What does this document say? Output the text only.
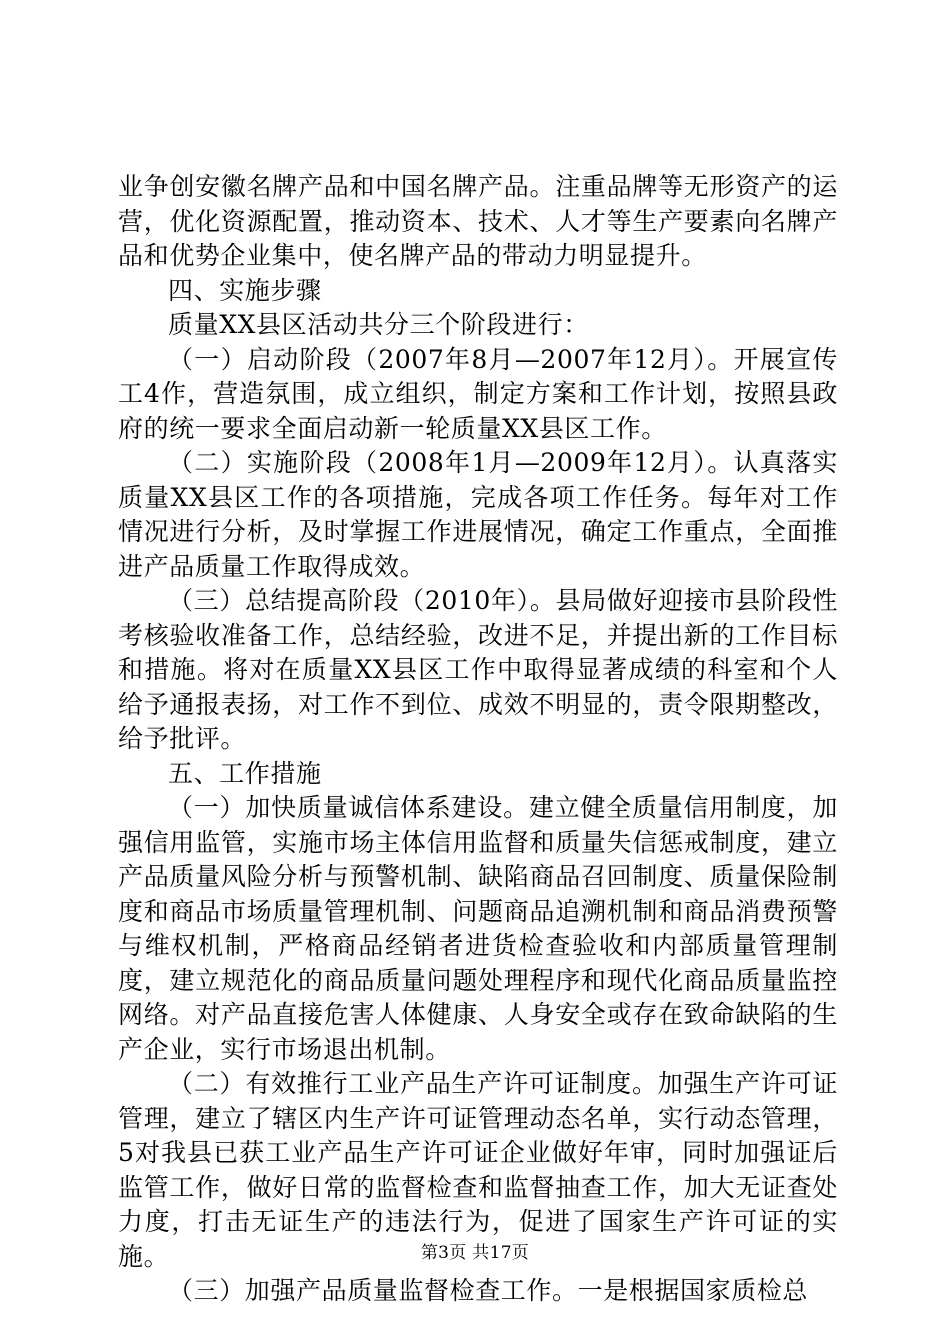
业争创安徽名牌产品和中国名牌产品。注重品牌等无形资产的运营，优化资源配置，推动资本、技术、人才等生产要素向名牌产品和优势企业集中，使名牌产品的带动力明显提升。

四、实施步骤

质量XX县区活动共分三个阶段进行：

（一）启动阶段（2007年8月—2007年12月）。开展宣传工4作，营造氛围，成立组织，制定方案和工作计划，按照县政府的统一要求全面启动新一轮质量XX县区工作。

（二）实施阶段（2008年1月—2009年12月）。认真落实质量XX县区工作的各项措施，完成各项工作任务。每年对工作情况进行分析，及时掌握工作进展情况，确定工作重点，全面推进产品质量工作取得成效。

（三）总结提高阶段（2010年）。县局做好迎接市县阶段性考核验收准备工作，总结经验，改进不足，并提出新的工作目标和措施。将对在质量XX县区工作中取得显著成绩的科室和个人给予通报表扬，对工作不到位、成效不明显的，责令限期整改，给予批评。

五、工作措施

（一）加快质量诚信体系建设。建立健全质量信用制度，加强信用监管，实施市场主体信用监督和质量失信惩戒制度，建立产品质量风险分析与预警机制、缺陷商品召回制度、质量保险制度和商品市场质量管理机制、问题商品追溯机制和商品消费预警与维权机制，严格商品经销者进货检查验收和内部质量管理制度，建立规范化的商品质量问题处理程序和现代化商品质量监控网络。对产品直接危害人体健康、人身安全或存在致命缺陷的生产企业，实行市场退出机制。

（二）有效推行工业产品生产许可证制度。加强生产许可证管理，建立了辖区内生产许可证管理动态名单，实行动态管理，5对我县已获工业产品生产许可证企业做好年审，同时加强证后监管工作，做好日常的监督检查和监督抽查工作，加大无证查处力度，打击无证生产的违法行为，促进了国家生产许可证的实施。

（三）加强产品质量监督检查工作。一是根据国家质检总

第3页 共17页
